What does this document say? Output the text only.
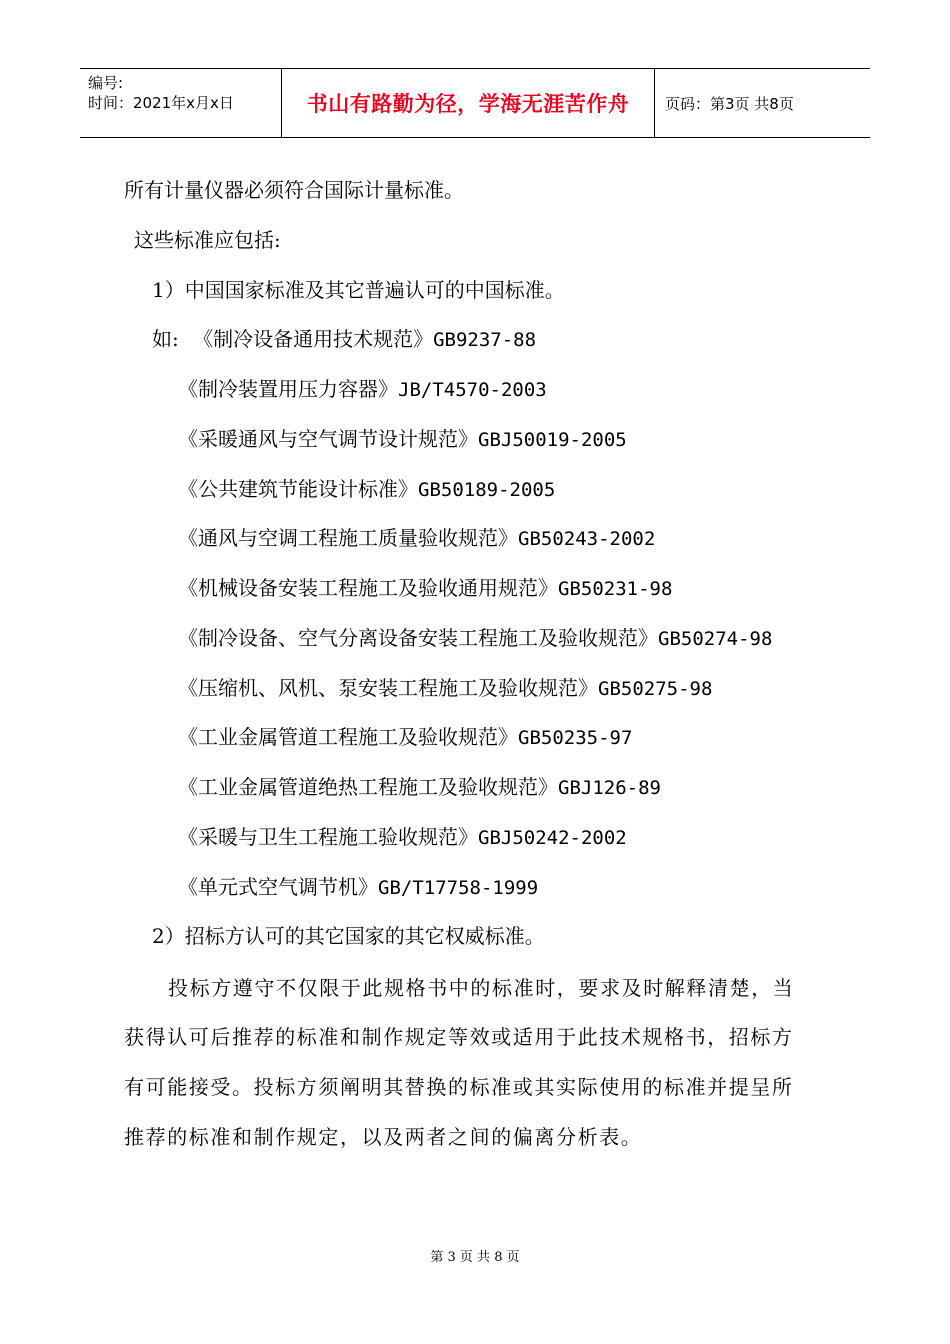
编号:
时间：2021年x月x日	书山有路勤为径，学海无涯苦作舟	页码：第3页 共8页
所有计量仪器必须符合国际计量标准。
这些标准应包括:
1）中国国家标准及其它普遍认可的中国标准。
如: 《制冷设备通用技术规范》GB9237-88
《制冷装置用压力容器》JB/T4570-2003
《采暖通风与空气调节设计规范》GBJ50019-2005
《公共建筑节能设计标准》GB50189-2005
《通风与空调工程施工质量验收规范》GB50243-2002
《机械设备安装工程施工及验收通用规范》GB50231-98
《制冷设备、空气分离设备安装工程施工及验收规范》GB50274-98
《压缩机、风机、泵安装工程施工及验收规范》GB50275-98
《工业金属管道工程施工及验收规范》GB50235-97
《工业金属管道绝热工程施工及验收规范》GBJ126-89
《采暖与卫生工程施工验收规范》GBJ50242-2002
《单元式空气调节机》GB/T17758-1999
2）招标方认可的其它国家的其它权威标准。
投标方遵守不仅限于此规格书中的标准时，要求及时解释清楚，当
获得认可后推荐的标准和制作规定等效或适用于此技术规格书，招标方
有可能接受。投标方须阐明其替换的标准或其实际使用的标准并提呈所
推荐的标准和制作规定，以及两者之间的偏离分析表。
第 3 页 共 8 页
